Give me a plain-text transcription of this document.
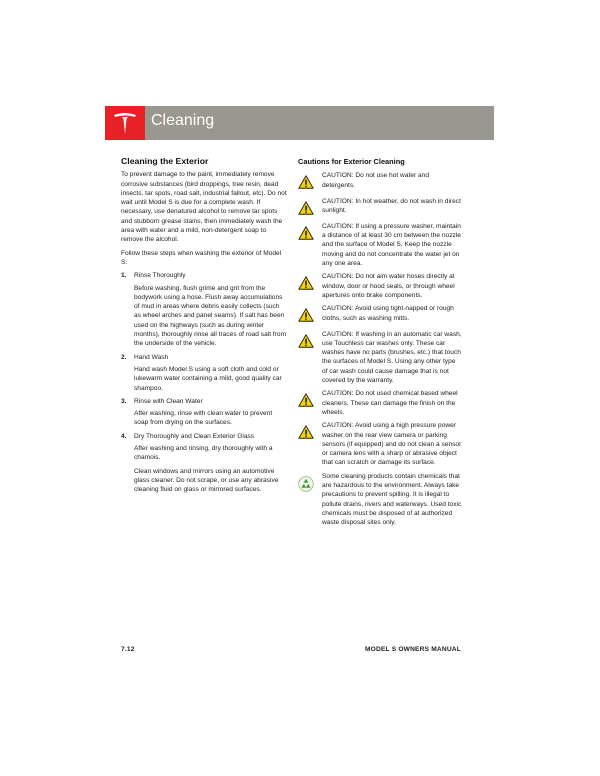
Cleaning
Cleaning the Exterior

To prevent damage to the paint, immediately remove corrosive substances (bird droppings, tree resin, dead insects, tar spots, road salt, industrial fallout, etc). Do not wait until Model S is due for a complete wash. If necessary, use denatured alcohol to remove tar spots and stubborn grease stains, then immediately wash the area with water and a mild, non-detergent soap to remove the alcohol.

Follow these steps when washing the exterior of Model S:

1. Rinse Thoroughly

Before washing, flush grime and grit from the bodywork using a hose. Flush away accumulations of mud in areas where debris easily collects (such as wheel arches and panel seams). If salt has been used on the highways (such as during winter months), thoroughly rinse all traces of road salt from the underside of the vehicle.

2. Hand Wash

Hand wash Model S using a soft cloth and cold or lukewarm water containing a mild, good quality car shampoo.

3. Rinse with Clean Water

After washing, rinse with clean water to prevent soap from drying on the surfaces.

4. Dry Thoroughly and Clean Exterior Glass

After washing and rinsing, dry thoroughly with a chamois.

Clean windows and mirrors using an automotive glass cleaner. Do not scrape, or use any abrasive cleaning fluid on glass or mirrored surfaces.

Cautions for Exterior Cleaning
CAUTION: Do not use hot water and detergents.
CAUTION: In hot weather, do not wash in direct sunlight.
CAUTION: If using a pressure washer, maintain a distance of at least 30 cm between the nozzle and the surface of Model S. Keep the nozzle moving and do not concentrate the water jet on any one area.
CAUTION: Do not aim water hoses directly at window, door or hood seals, or through wheel apertures onto brake components.
CAUTION: Avoid using tight-napped or rough cloths, such as washing mitts.
CAUTION: If washing in an automatic car wash, use Touchless car washes only. These car washes have no parts (brushes, etc.) that touch the surfaces of Model S. Using any other type of car wash could cause damage that is not covered by the warranty.
CAUTION: Do not used chemical based wheel cleaners. These can damage the finish on the wheels.
CAUTION: Avoid using a high pressure power washer on the rear view camera or parking sensors (if equipped) and do not clean a sensor or camera lens with a sharp or abrasive object that can scratch or damage its surface.
Some cleaning products contain chemicals that are hazardous to the environment. Always take precautions to prevent spilling. It is illegal to pollute drains, rivers and waterways. Used toxic chemicals must be disposed of at authorized waste disposal sites only.
7.12	MODEL S OWNERS MANUAL
